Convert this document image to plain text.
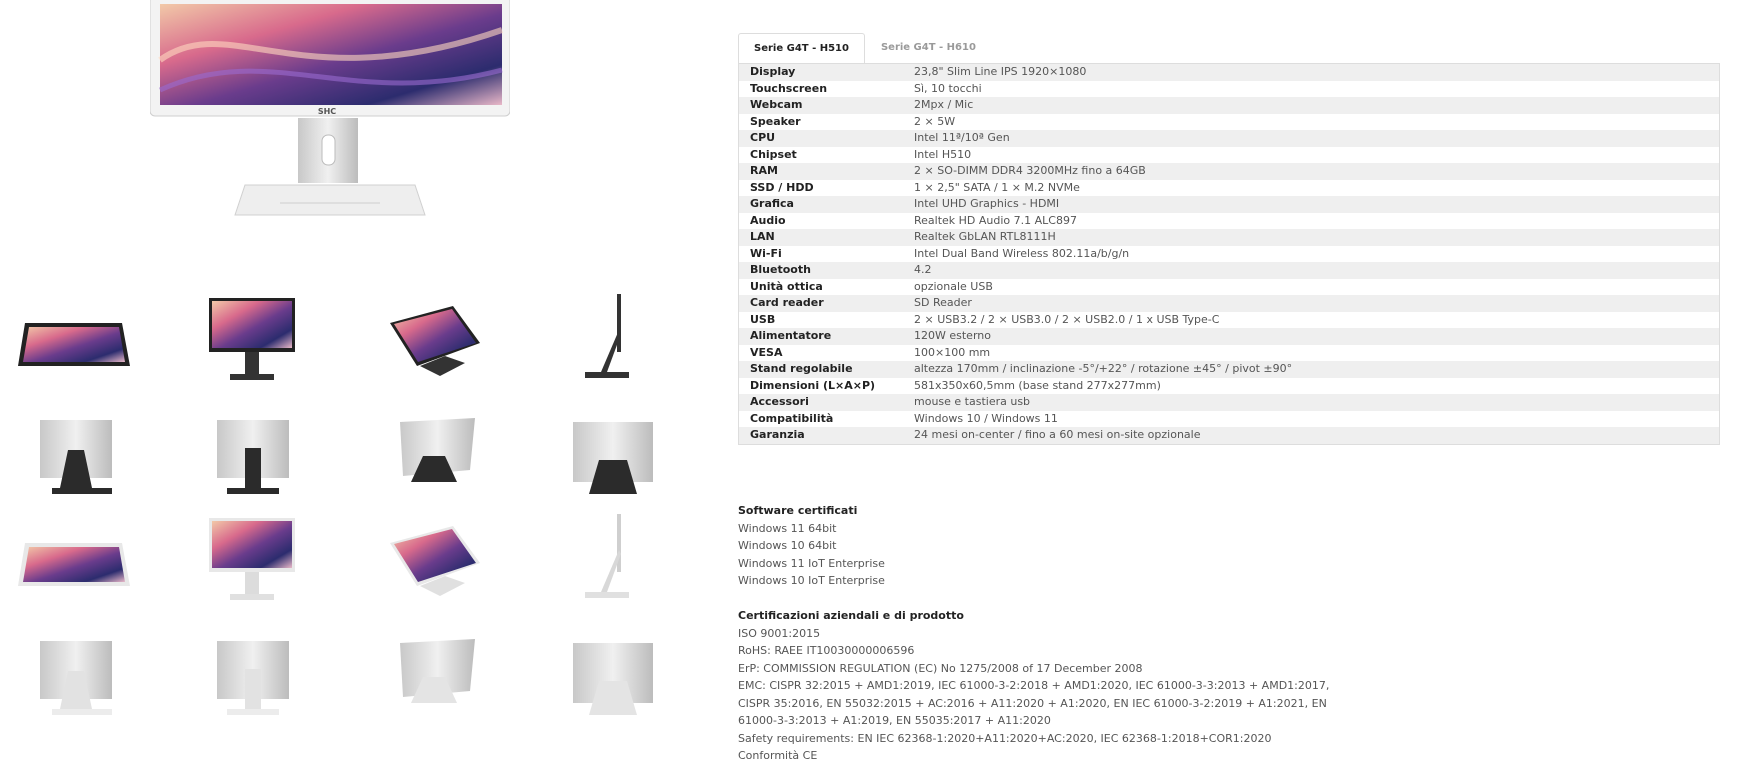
SHC
Serie G4T - H510	Serie G4T - H610
Display	23,8" Slim Line IPS 1920×1080
Touchscreen	Sì, 10 tocchi
Webcam	2Mpx / Mic
Speaker	2 × 5W
CPU	Intel 11ª/10ª Gen
Chipset	Intel H510
RAM	2 × SO-DIMM DDR4 3200MHz fino a 64GB
SSD / HDD	1 × 2,5" SATA / 1 × M.2 NVMe
Grafica	Intel UHD Graphics - HDMI
Audio	Realtek HD Audio 7.1 ALC897
LAN	Realtek GbLAN RTL8111H
Wi-Fi	Intel Dual Band Wireless 802.11a/b/g/n
Bluetooth	4.2
Unità ottica	opzionale USB
Card reader	SD Reader
USB	2 × USB3.2 / 2 × USB3.0 / 2 × USB2.0 / 1 x USB Type-C
Alimentatore	120W esterno
VESA	100×100 mm
Stand regolabile	altezza 170mm / inclinazione -5°/+22° / rotazione ±45° / pivot ±90°
Dimensioni (L×A×P)	581x350x60,5mm (base stand 277x277mm)
Accessori	mouse e tastiera usb
Compatibilità	Windows 10 / Windows 11
Garanzia	24 mesi on-center / fino a 60 mesi on-site opzionale
Software certificati
Windows 11 64bit
Windows 10 64bit
Windows 11 IoT Enterprise
Windows 10 IoT Enterprise
Certificazioni aziendali e di prodotto
ISO 9001:2015
RoHS: RAEE IT10030000006596
ErP: COMMISSION REGULATION (EC) No 1275/2008 of 17 December 2008
EMC: CISPR 32:2015 + AMD1:2019, IEC 61000-3-2:2018 + AMD1:2020, IEC 61000-3-3:2013 + AMD1:2017, CISPR 35:2016, EN 55032:2015 + AC:2016 + A11:2020 + A1:2020, EN IEC 61000-3-2:2019 + A1:2021, EN 61000-3-3:2013 + A1:2019, EN 55035:2017 + A11:2020
Safety requirements: EN IEC 62368-1:2020+A11:2020+AC:2020, IEC 62368-1:2018+COR1:2020
Conformità CE
